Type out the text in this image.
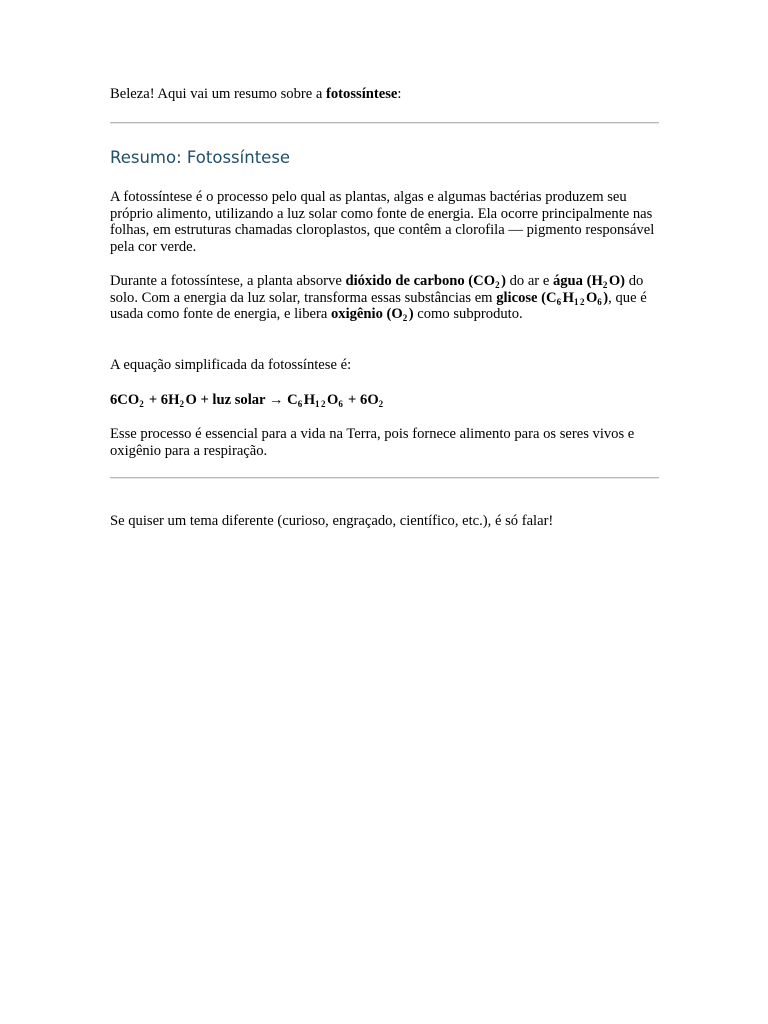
Beleza! Aqui vai um resumo sobre a fotossíntese:

Resumo: Fotossíntese

A fotossíntese é o processo pelo qual as plantas, algas e algumas bactérias produzem seu próprio alimento, utilizando a luz solar como fonte de energia. Ela ocorre principalmente nas folhas, em estruturas chamadas cloroplastos, que contêm a clorofila — pigmento responsável pela cor verde.

Durante a fotossíntese, a planta absorve dióxido de carbono $(CO_2)$ do ar e água $(H_2O)$ do solo. Com a energia da luz solar, transforma essas substâncias em glicose $(C_6H_{12}O_6)$, que é usada como fonte de energia, e libera oxigênio $(O_2)$ como subproduto.

A equação simplificada da fotossíntese é:

$6CO_2 + 6H_2O$ + luz solar → $C_6H_{12}O_6 + 6O_2$

Esse processo é essencial para a vida na Terra, pois fornece alimento para os seres vivos e oxigênio para a respiração.

Se quiser um tema diferente (curioso, engraçado, científico, etc.), é só falar!
